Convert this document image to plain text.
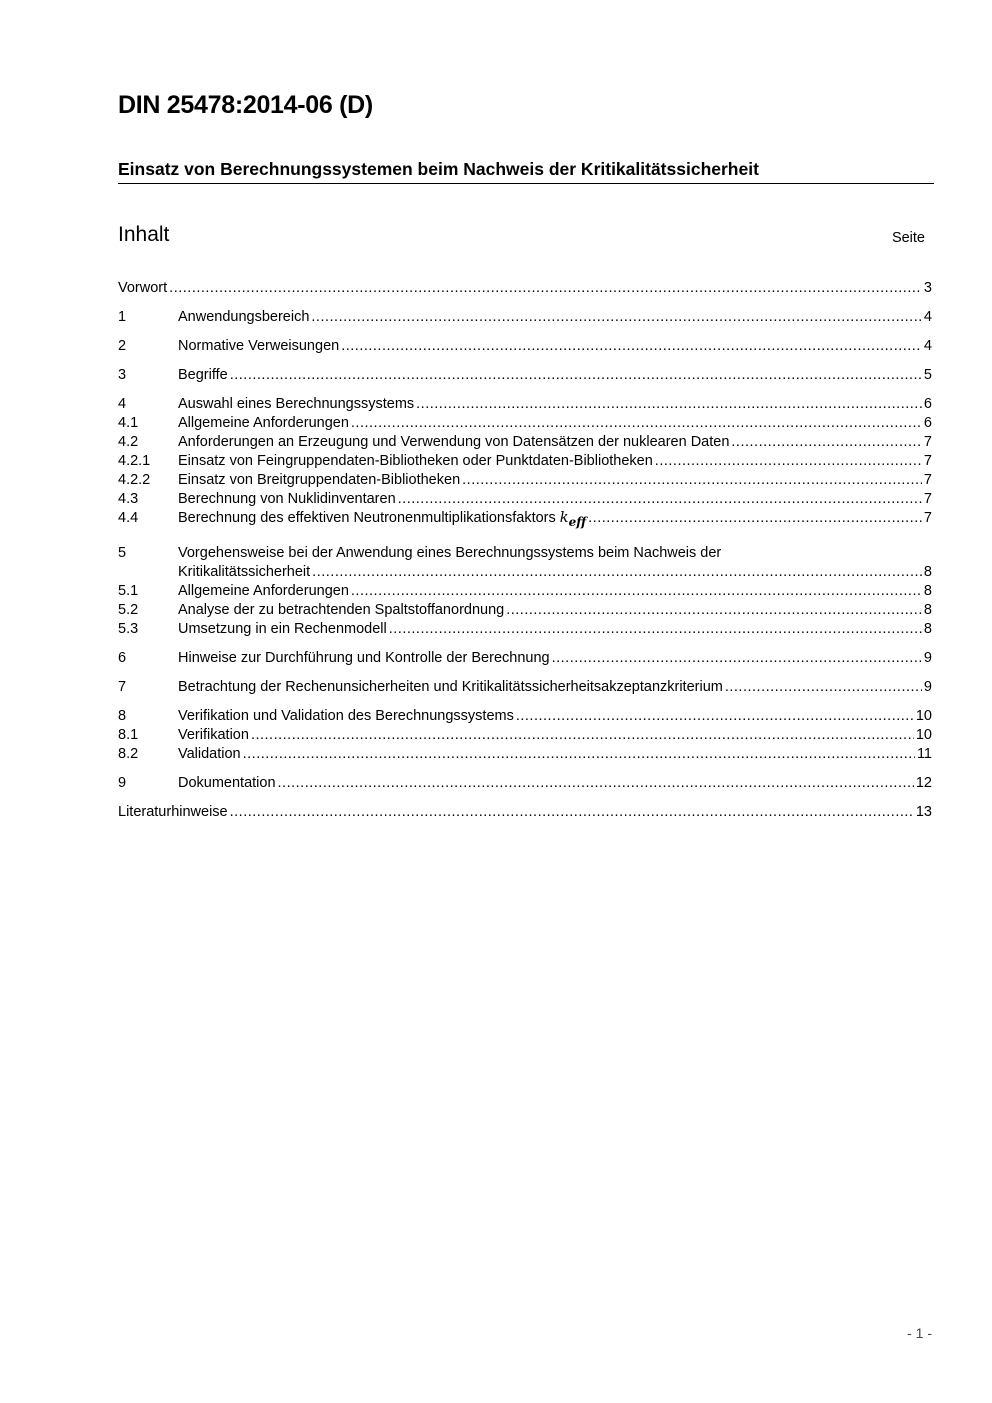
DIN 25478:2014-06 (D)
Einsatz von Berechnungssystemen beim Nachweis der Kritikalitätssicherheit
Inhalt	Seite
Vorwort .....	3
1	Anwendungsbereich .....	4
2	Normative Verweisungen .....	4
3	Begriffe .....	5
4	Auswahl eines Berechnungssystems .....	6
4.1	Allgemeine Anforderungen .....	6
4.2	Anforderungen an Erzeugung und Verwendung von Datensätzen der nuklearen Daten .....	7
4.2.1 Einsatz von Feingruppendaten-Bibliotheken oder Punktdaten-Bibliotheken .....	7
4.2.2 Einsatz von Breitgruppendaten-Bibliotheken .....	7
4.3	Berechnung von Nuklidinventaren .....	7
4.4	Berechnung des effektiven Neutronenmultiplikationsfaktors $k_{eff}$ .....	7
5	Vorgehensweise bei der Anwendung eines Berechnungssystems beim Nachweis der
Kritikalitätssicherheit .....	8
5.1	Allgemeine Anforderungen .....	8
5.2	Analyse der zu betrachtenden Spaltstoffanordnung .....	8
5.3	Umsetzung in ein Rechenmodell .....	8
6	Hinweise zur Durchführung und Kontrolle der Berechnung .....	9
7	Betrachtung der Rechenunsicherheiten und Kritikalitätssicherheitsakzeptanzkriterium .....	9
8	Verifikation und Validation des Berechnungssystems .....	10
8.1	Verifikation .....	10
8.2	Validation .....	11
9	Dokumentation .....	12
Literaturhinweise .....	13
- 1 -
